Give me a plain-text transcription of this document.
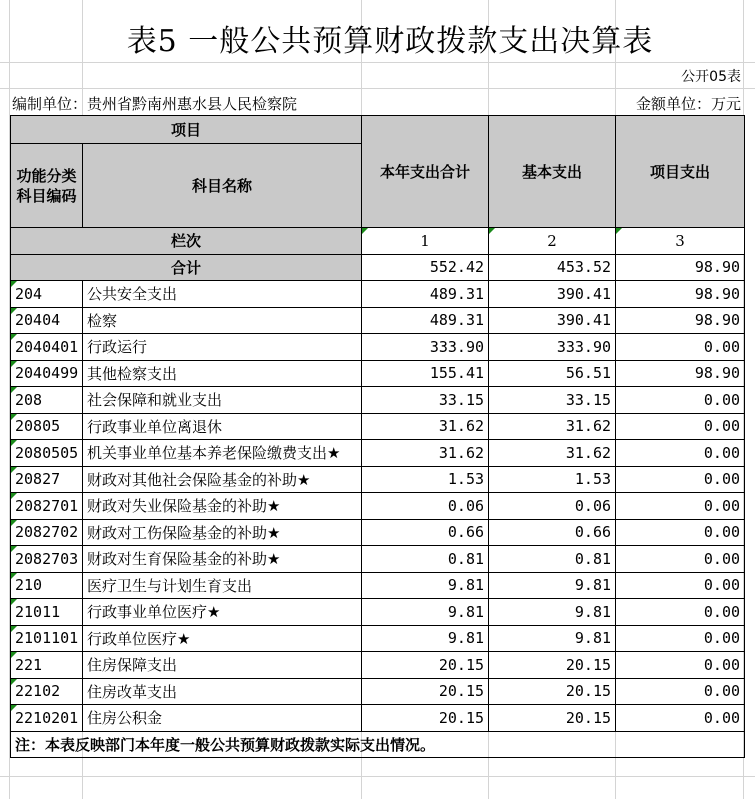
表5 一般公共预算财政拨款支出决算表
公开05表
编制单位：贵州省黔南州惠水县人民检察院	金额单位：万元
项目		本年支出合计	基本支出	项目支出
功能分类科目编码	科目名称			
栏次		1	2	3
合计		552.42	453.52	98.90

204	公共安全支出	489.31	390.41	98.90

20404	检察	489.31	390.41	98.90

2040401	行政运行	333.90	333.90	0.00

2040499	其他检察支出	155.41	56.51	98.90

208	社会保障和就业支出	33.15	33.15	0.00

20805	行政事业单位离退休	31.62	31.62	0.00

2080505	机关事业单位基本养老保险缴费支出★	31.62	31.62	0.00

20827	财政对其他社会保险基金的补助★	1.53	1.53	0.00

2082701	财政对失业保险基金的补助★	0.06	0.06	0.00

2082702	财政对工伤保险基金的补助★	0.66	0.66	0.00

2082703	财政对生育保险基金的补助★	0.81	0.81	0.00

210	医疗卫生与计划生育支出	9.81	9.81	0.00

21011	行政事业单位医疗★	9.81	9.81	0.00

2101101	行政单位医疗★	9.81	9.81	0.00

221	住房保障支出	20.15	20.15	0.00

22102	住房改革支出	20.15	20.15	0.00

2210201	住房公积金	20.15	20.15	0.00
注：本表反映部门本年度一般公共预算财政拨款实际支出情况。				
